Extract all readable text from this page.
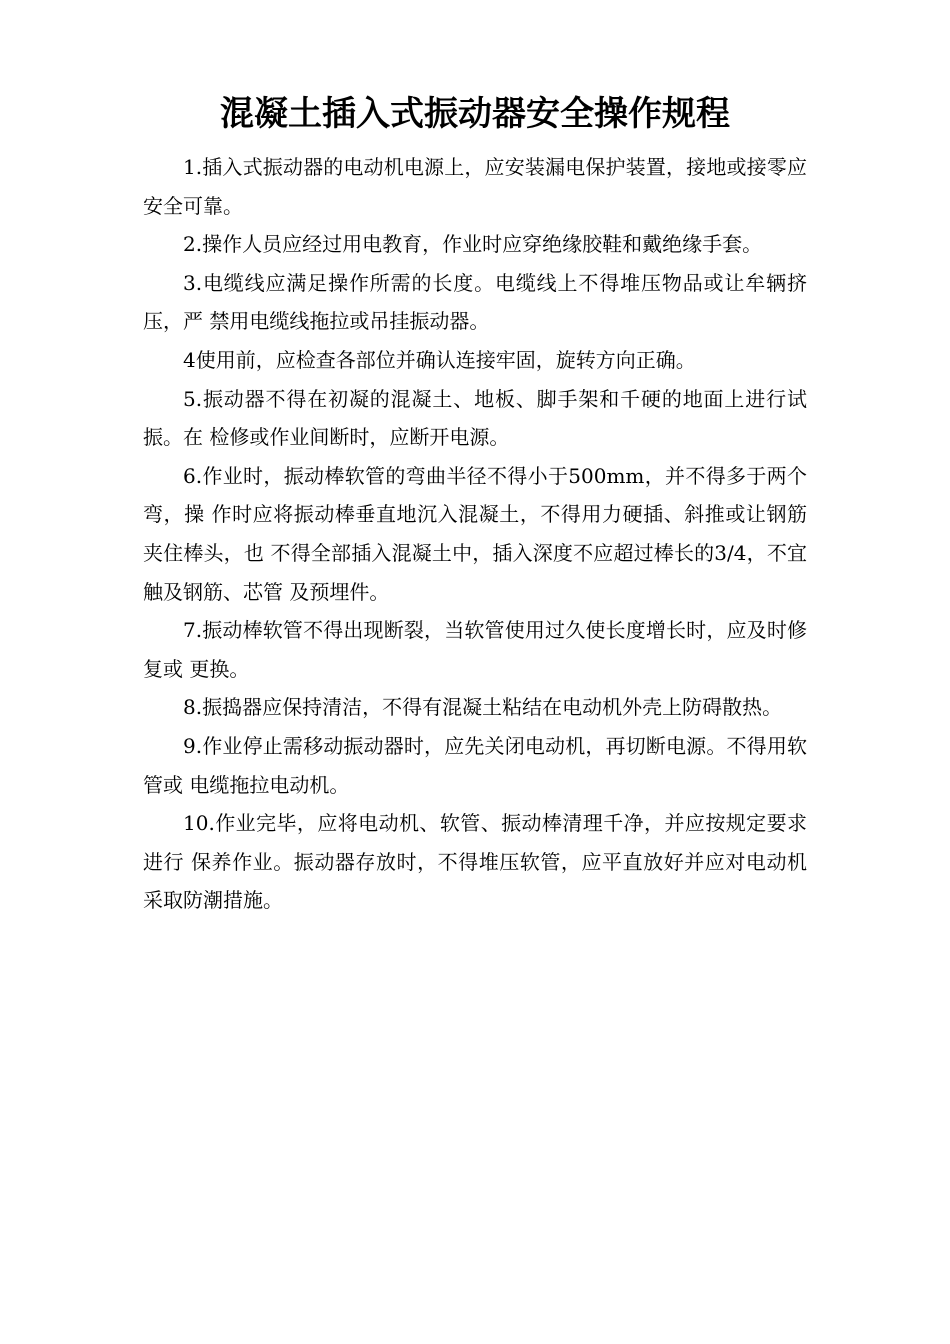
混凝土插入式振动器安全操作规程

1.插入式振动器的电动机电源上，应安装漏电保护装置，接地或接零应安全可靠。

2.操作人员应经过用电教育，作业时应穿绝缘胶鞋和戴绝缘手套。

3.电缆线应满足操作所需的长度。电缆线上不得堆压物品或让牟辆挤压，严 禁用电缆线拖拉或吊挂振动器。

4使用前，应检查各部位并确认连接牢固，旋转方向正确。

5.振动器不得在初凝的混凝土、地板、脚手架和千硬的地面上进行试振。在 检修或作业间断时，应断开电源。

6.作业时，振动棒软管的弯曲半径不得小于500mm，并不得多于两个弯，操 作时应将振动棒垂直地沉入混凝土，不得用力硬插、斜推或让钢筋夹住棒头，也 不得全部插入混凝土中，插入深度不应超过棒长的3/4，不宜触及钢筋、芯管 及预埋件。

7.振动棒软管不得出现断裂，当软管使用过久使长度增长时，应及时修复或 更换。

8.振捣器应保持清洁，不得有混凝土粘结在电动机外壳上防碍散热。

9.作业停止需移动振动器时，应先关闭电动机，再切断电源。不得用软管或 电缆拖拉电动机。

10.作业完毕，应将电动机、软管、振动棒清理千净，并应按规定要求进行 保养作业。振动器存放时，不得堆压软管，应平直放好并应对电动机采取防潮措施。
